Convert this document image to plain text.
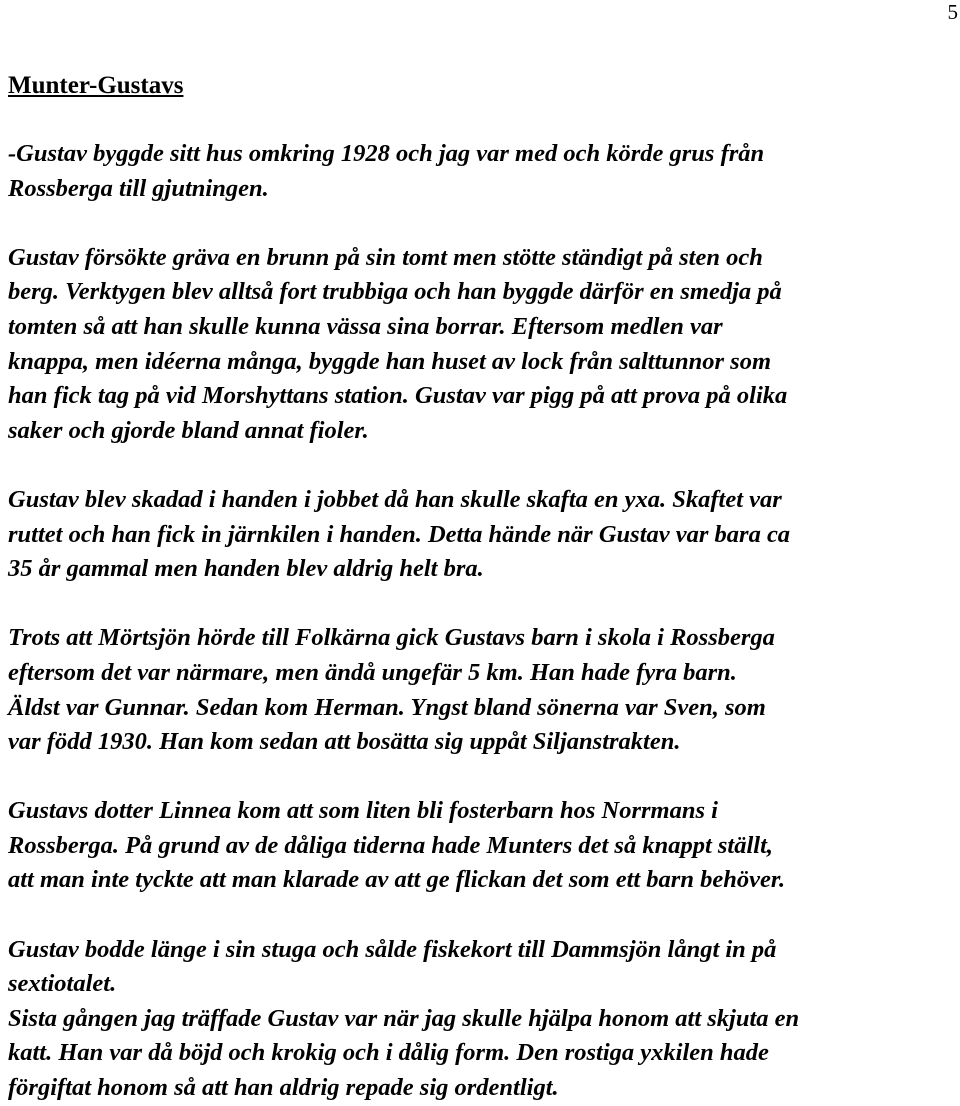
5
Munter-Gustavs
-Gustav byggde sitt hus omkring 1928 och jag var med och körde grus från
Rossberga till gjutningen.
Gustav försökte gräva en brunn på sin tomt men stötte ständigt på sten och
berg. Verktygen blev alltså fort trubbiga och han byggde därför en smedja på
tomten så att han skulle kunna vässa sina borrar. Eftersom medlen var
knappa, men idéerna många, byggde han huset av lock från salttunnor som
han fick tag på vid Morshyttans station. Gustav var pigg på att prova på olika
saker och gjorde bland annat fioler.
Gustav blev skadad i handen i jobbet då han skulle skafta en yxa. Skaftet var
ruttet och han fick in järnkilen i handen. Detta hände när Gustav var bara ca
35 år gammal men handen blev aldrig helt bra.
Trots att Mörtsjön hörde till Folkärna gick Gustavs barn i skola i Rossberga
eftersom det var närmare, men ändå ungefär 5 km. Han hade fyra barn.
Äldst var Gunnar. Sedan kom Herman. Yngst bland sönerna var Sven, som
var född 1930. Han kom sedan att bosätta sig uppåt Siljanstrakten.
Gustavs dotter Linnea kom att som liten bli fosterbarn hos Norrmans i
Rossberga. På grund av de dåliga tiderna hade Munters det så knappt ställt,
att man inte tyckte att man klarade av att ge flickan det som ett barn behöver.
Gustav bodde länge i sin stuga och sålde fiskekort till Dammsjön långt in på
sextiotalet.
Sista gången jag träffade Gustav var när jag skulle hjälpa honom att skjuta en
katt. Han var då böjd och krokig och i dålig form. Den rostiga yxkilen hade
förgiftat honom så att han aldrig repade sig ordentligt.
